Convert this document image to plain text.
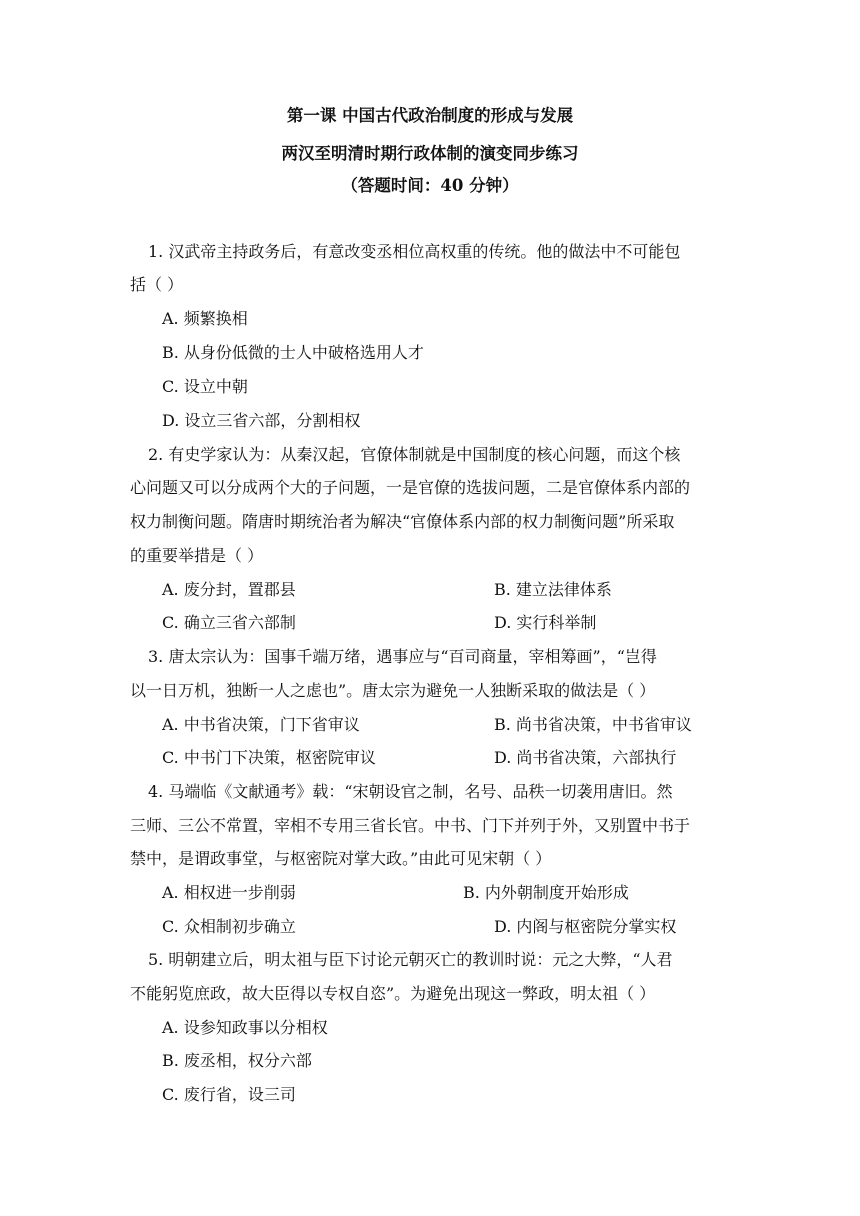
第一课 中国古代政治制度的形成与发展
两汉至明清时期行政体制的演变同步练习
（答题时间：40 分钟）
1. 汉武帝主持政务后，有意改变丞相位高权重的传统。他的做法中不可能包
括（ ）
A. 频繁换相
B. 从身份低微的士人中破格选用人才
C. 设立中朝
D. 设立三省六部，分割相权
2. 有史学家认为：从秦汉起，官僚体制就是中国制度的核心问题，而这个核
心问题又可以分成两个大的子问题，一是官僚的选拔问题，二是官僚体系内部的
权力制衡问题。隋唐时期统治者为解决“官僚体系内部的权力制衡问题”所采取
的重要举措是（ ）
A. 废分封，置郡县	B. 建立法律体系
C. 确立三省六部制	D. 实行科举制
3. 唐太宗认为：国事千端万绪，遇事应与“百司商量，宰相筹画”，“岂得
以一日万机，独断一人之虑也”。唐太宗为避免一人独断采取的做法是（ ）
A. 中书省决策，门下省审议	B. 尚书省决策，中书省审议
C. 中书门下决策，枢密院审议	D. 尚书省决策，六部执行
4. 马端临《文献通考》载：“宋朝设官之制，名号、品秩一切袭用唐旧。然
三师、三公不常置，宰相不专用三省长官。中书、门下并列于外，又别置中书于
禁中，是谓政事堂，与枢密院对掌大政。”由此可见宋朝（ ）
A. 相权进一步削弱	B. 内外朝制度开始形成
C. 众相制初步确立	D. 内阁与枢密院分掌实权
5. 明朝建立后，明太祖与臣下讨论元朝灭亡的教训时说：元之大弊，“人君
不能躬览庶政，故大臣得以专权自恣”。为避免出现这一弊政，明太祖（ ）
A. 设参知政事以分相权
B. 废丞相，权分六部
C. 废行省，设三司
